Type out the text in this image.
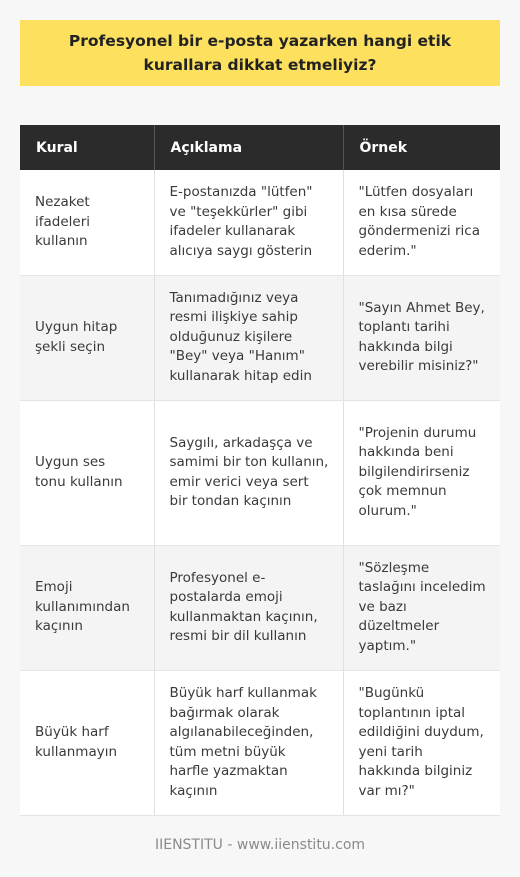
Profesyonel bir e-posta yazarken hangi etik kurallara dikkat etmeliyiz?
Kural	Açıklama	Örnek
Nezaket ifadeleri kullanın	E-postanızda "lütfen" ve "teşekkürler" gibi ifadeler kullanarak alıcıya saygı gösterin	"Lütfen dosyaları en kısa sürede göndermenizi rica ederim."
Uygun hitap şekli seçin	Tanımadığınız veya resmi ilişkiye sahip olduğunuz kişilere "Bey" veya "Hanım" kullanarak hitap edin	"Sayın Ahmet Bey, toplantı tarihi hakkında bilgi verebilir misiniz?"
Uygun ses tonu kullanın	Saygılı, arkadaşça ve samimi bir ton kullanın, emir verici veya sert bir tondan kaçının	"Projenin durumu hakkında beni bilgilendirirseniz çok memnun olurum."
Emoji kullanımından kaçının	Profesyonel e-postalarda emoji kullanmaktan kaçının, resmi bir dil kullanın	"Sözleşme taslağını inceledim ve bazı düzeltmeler yaptım."
Büyük harf kullanmayın	Büyük harf kullanmak bağırmak olarak algılanabileceğinden, tüm metni büyük harfle yazmaktan kaçının	"Bugünkü toplantının iptal edildiğini duydum, yeni tarih hakkında bilginiz var mı?"
IIENSTITU - www.iienstitu.com
